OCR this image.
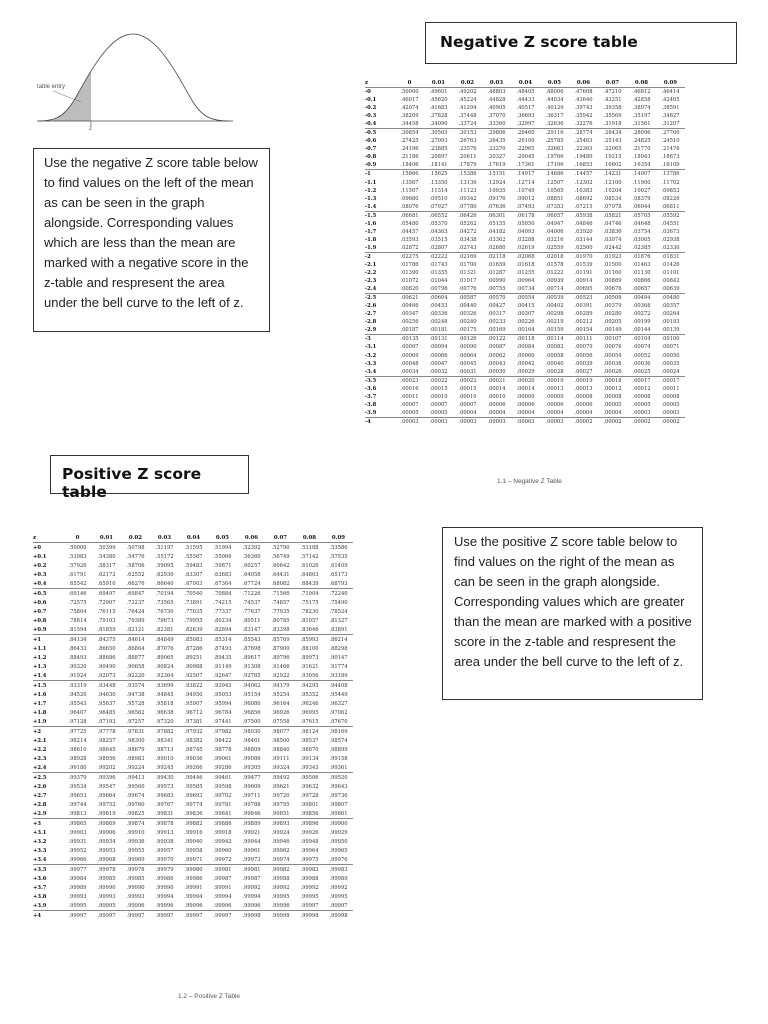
table entry
z
Negative Z score table
Use the negative Z score table below to find values on the left of the mean as can be seen in the graph alongside. Corresponding values which are less than the mean are marked with a negative score in the z-table and respresent the area under the bell curve to the left of z.
z	0	0.01	0.02	0.03	0.04	0.05	0.06	0.07	0.08	0.09
-0	.50000	.49601	.49202	.48803	.48405	.48006	.47608	.47210	.46812	.46414
-0.1	.46017	.45620	.45224	.44828	.44433	.44034	.43640	.43251	.42858	.42465
-0.2	.42074	.41683	.41294	.40905	.40517	.40129	.39743	.39358	.38974	.38591
-0.3	.38209	.37828	.37448	.37070	.36693	.36317	.35942	.35569	.35197	.34827
-0.4	.34458	.34090	.33724	.33360	.32997	.32636	.32276	.31918	.31561	.31207
-0.5	.30854	.30503	.30153	.29806	.29460	.29116	.28774	.28434	.28096	.27760
-0.6	.27425	.27093	.26763	.26435	.26109	.25785	.25463	.25143	.24825	.24510
-0.7	.24196	.23885	.23576	.23270	.22965	.22663	.22363	.22065	.21770	.21476
-0.8	.21186	.20897	.20611	.20327	.20045	.19766	.19489	.19215	.18943	.18673
-0.9	.18406	.18141	.17879	.17619	.17361	.17106	.16853	.16602	.16354	.16109
-1	.15866	.15625	.15386	.15151	.14917	.14686	.14457	.14231	.14007	.13786
-1.1	.13567	.13350	.13136	.12924	.12714	.12507	.12302	.12100	.11900	.11702
-1.2	.11507	.11314	.11123	.10935	.10749	.10565	.10383	.10204	.10027	.09853
-1.3	.09680	.09510	.09342	.09176	.09012	.08851	.08692	.08534	.08379	.08226
-1.4	.08076	.07927	.07780	.07636	.07493	.07353	.07215	.07078	.06944	.06811
-1.5	.06681	.06552	.06426	.06301	.06178	.06057	.05938	.05821	.05705	.05592
-1.6	.05480	.05370	.05262	.05155	.05050	.04947	.04846	.04746	.04648	.04551
-1.7	.04457	.04363	.04272	.04182	.04093	.04006	.03920	.03836	.03754	.03673
-1.8	.03593	.03515	.03438	.03362	.03288	.03216	.03144	.03074	.03005	.02938
-1.9	.02872	.02807	.02743	.02680	.02619	.02559	.02500	.02442	.02385	.02330
-2	.02275	.02222	.02169	.02118	.02068	.02018	.01970	.01923	.01876	.01831
-2.1	.01786	.01743	.01700	.01659	.01618	.01578	.01539	.01500	.01463	.01426
-2.2	.01390	.01355	.01321	.01287	.01255	.01222	.01191	.01160	.01130	.01101
-2.3	.01072	.01044	.01017	.00990	.00964	.00939	.00914	.00889	.00866	.00842
-2.4	.00820	.00798	.00776	.00755	.00734	.00714	.00695	.00676	.00657	.00639
-2.5	.00621	.00604	.00587	.00570	.00554	.00539	.00523	.00508	.00494	.00480
-2.6	.00466	.00453	.00440	.00427	.00415	.00402	.00391	.00379	.00368	.00357
-2.7	.00347	.00336	.00326	.00317	.00307	.00298	.00289	.00280	.00272	.00264
-2.8	.00256	.00248	.00240	.00233	.00226	.00219	.00212	.00205	.00199	.00193
-2.9	.00187	.00181	.00175	.00169	.00164	.00159	.00154	.00149	.00144	.00139
-3	.00135	.00131	.00126	.00122	.00118	.00114	.00111	.00107	.00104	.00100
-3.1	.00097	.00094	.00090	.00087	.00084	.00082	.00079	.00076	.00074	.00071
-3.2	.00069	.00066	.00064	.00062	.00060	.00058	.00056	.00054	.00052	.00050
-3.3	.00048	.00047	.00045	.00043	.00042	.00040	.00039	.00038	.00036	.00035
-3.4	.00034	.00032	.00031	.00030	.00029	.00028	.00027	.00026	.00025	.00024
-3.5	.00023	.00022	.00022	.00021	.00020	.00019	.00019	.00018	.00017	.00017
-3.6	.00016	.00015	.00015	.00014	.00014	.00013	.00013	.00012	.00012	.00011
-3.7	.00011	.00010	.00010	.00010	.00009	.00009	.00008	.00008	.00008	.00008
-3.8	.00007	.00007	.00007	.00006	.00006	.00006	.00006	.00005	.00005	.00005
-3.9	.00005	.00005	.00004	.00004	.00004	.00004	.00004	.00004	.00003	.00003
-4	.00003	.00003	.00003	.00003	.00003	.00003	.00002	.00002	.00002	.00002
1.1 – Negative Z Table
Positive Z score table
Use the positive Z score table below to find values on the right of the mean as can be seen in the graph alongside. Corresponding values which are greater than the mean are marked with a positive score in the z-table and respresent the area under the bell curve to the left of z.
z	0	0.01	0.02	0.03	0.04	0.05	0.06	0.07	0.08	0.09
+0	.50000	.50399	.50798	.51197	.51595	.51994	.52392	.52790	.53188	.53586
+0.1	.53983	.54380	.54776	.55172	.55567	.55966	.56360	.56749	.57142	.57535
+0.2	.57926	.58317	.58706	.59095	.59483	.59871	.60257	.60642	.61026	.61409
+0.3	.61791	.62172	.62552	.62930	.63307	.63683	.64058	.64431	.64803	.65173
+0.4	.65542	.65910	.66276	.66640	.67003	.67364	.67724	.68082	.68439	.68793
+0.5	.69146	.69497	.69847	.70194	.70540	.70884	.71226	.71566	.71904	.72240
+0.6	.72575	.72907	.73237	.73565	.73891	.74215	.74537	.74857	.75175	.75490
+0.7	.75804	.76115	.76424	.76730	.77035	.77337	.77637	.77935	.78230	.78524
+0.8	.78814	.79103	.79389	.79673	.79955	.80234	.80511	.80785	.81057	.81327
+0.9	.81594	.81859	.82121	.82381	.82639	.82894	.83147	.83398	.83646	.83891
+1	.84134	.84375	.84614	.84849	.85083	.85314	.85543	.85769	.85993	.86214
+1.1	.86433	.86650	.86864	.87076	.87286	.87493	.87698	.87900	.88100	.88298
+1.2	.88493	.88686	.88877	.89065	.89251	.89435	.89617	.89796	.89973	.90147
+1.3	.90320	.90490	.90658	.90824	.90988	.91149	.91308	.91466	.91621	.91774
+1.4	.91924	.92073	.92220	.92364	.92507	.92647	.92785	.92922	.93056	.93189
+1.5	.93319	.93448	.93574	.93699	.93822	.93943	.94062	.94179	.94295	.94408
+1.6	.94520	.94630	.94738	.94845	.94950	.95053	.95154	.95254	.95352	.95449
+1.7	.95543	.95637	.95728	.95818	.95907	.95994	.96080	.96164	.96246	.96327
+1.8	.96407	.96485	.96562	.96638	.96712	.96784	.96856	.96926	.96995	.97062
+1.9	.97128	.97193	.97257	.97320	.97381	.97441	.97500	.97558	.97615	.97670
+2	.97725	.97778	.97831	.97882	.97932	.97982	.98030	.98077	.98124	.98169
+2.1	.98214	.98257	.98300	.98341	.98382	.98422	.98461	.98500	.98537	.98574
+2.2	.98610	.98645	.98679	.98713	.98745	.98778	.98809	.98840	.98870	.98899
+2.3	.98928	.98956	.98983	.99010	.99036	.99061	.99086	.99111	.99134	.99158
+2.4	.99180	.99202	.99224	.99245	.99266	.99286	.99305	.99324	.99343	.99361
+2.5	.99379	.99396	.99413	.99430	.99446	.99461	.99477	.99492	.99506	.99520
+2.6	.99534	.99547	.99560	.99573	.99585	.99598	.99609	.99621	.99632	.99643
+2.7	.99653	.99664	.99674	.99683	.99693	.99702	.99711	.99720	.99728	.99736
+2.8	.99744	.99752	.99760	.99767	.99774	.99781	.99788	.99795	.99801	.99807
+2.9	.99813	.99819	.99825	.99831	.99836	.99841	.99846	.99851	.99856	.99861
+3	.99865	.99869	.99874	.99878	.99882	.99886	.99889	.99893	.99896	.99900
+3.1	.99903	.99906	.99910	.99913	.99916	.99918	.99921	.99924	.99926	.99929
+3.2	.99931	.99934	.99936	.99938	.99940	.99942	.99944	.99946	.99948	.99950
+3.3	.99952	.99953	.99955	.99957	.99958	.99960	.99961	.99962	.99964	.99965
+3.4	.99966	.99968	.99969	.99970	.99971	.99972	.99973	.99974	.99975	.99976
+3.5	.99977	.99978	.99978	.99979	.99980	.99981	.99981	.99982	.99983	.99983
+3.6	.99984	.99985	.99985	.99986	.99986	.99987	.99987	.99988	.99988	.99989
+3.7	.99989	.99990	.99990	.99990	.99991	.99991	.99992	.99992	.99992	.99992
+3.8	.99993	.99993	.99993	.99994	.99994	.99994	.99994	.99995	.99995	.99995
+3.9	.99995	.99995	.99996	.99996	.99996	.99996	.99996	.99996	.99997	.99997
+4	.99997	.99997	.99997	.99997	.99997	.99997	.99998	.99998	.99998	.99998
1.2 – Positive Z Table
